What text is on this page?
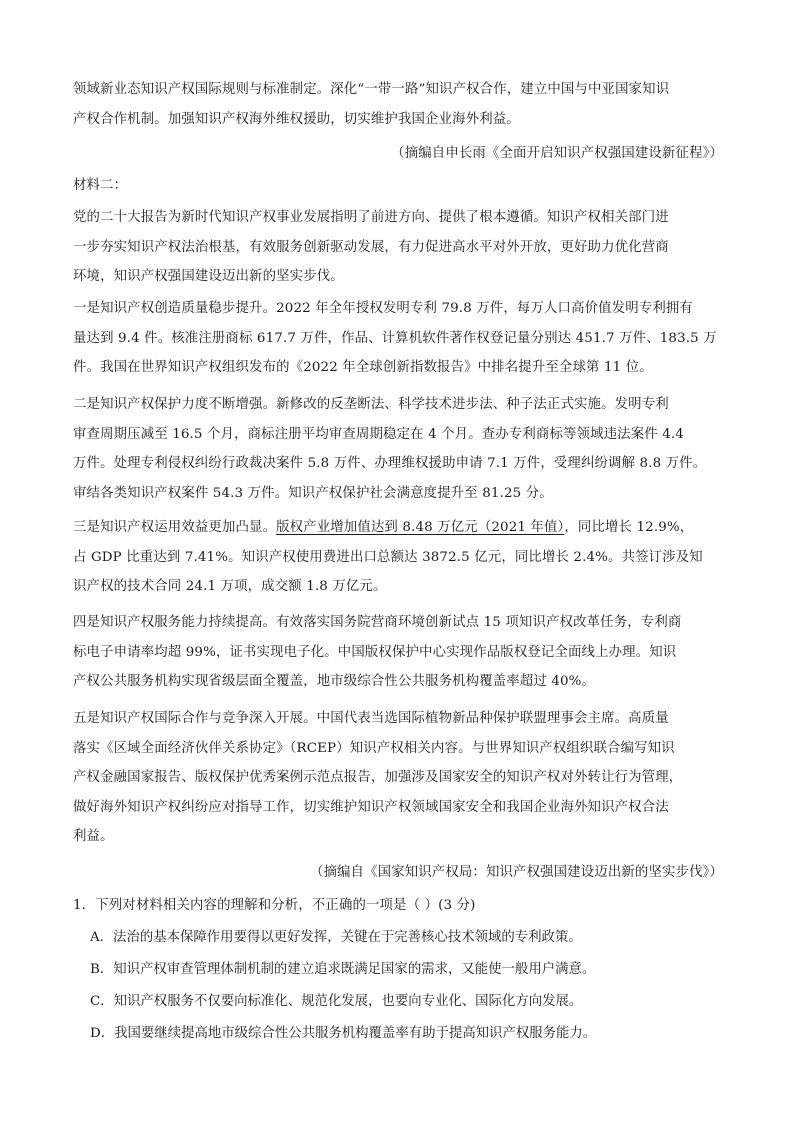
领域新业态知识产权国际规则与标准制定。深化“一带一路”知识产权合作，建立中国与中亚国家知识
产权合作机制。加强知识产权海外维权援助，切实维护我国企业海外利益。
（摘编自申长雨《全面开启知识产权强国建设新征程》）
材料二：
党的二十大报告为新时代知识产权事业发展指明了前进方向、提供了根本遵循。知识产权相关部门进
一步夯实知识产权法治根基，有效服务创新驱动发展，有力促进高水平对外开放，更好助力优化营商
环境，知识产权强国建设迈出新的坚实步伐。
一是知识产权创造质量稳步提升。2022 年全年授权发明专利 79.8 万件，每万人口高价值发明专利拥有
量达到 9.4 件。核准注册商标 617.7 万件，作品、计算机软件著作权登记量分别达 451.7 万件、183.5 万
件。我国在世界知识产权组织发布的《2022 年全球创新指数报告》中排名提升至全球第 11 位。
二是知识产权保护力度不断增强。新修改的反垄断法、科学技术进步法、种子法正式实施。发明专利
审查周期压减至 16.5 个月，商标注册平均审查周期稳定在 4 个月。查办专利商标等领域违法案件 4.4
万件。处理专利侵权纠纷行政裁决案件 5.8 万件、办理维权援助申请 7.1 万件，受理纠纷调解 8.8 万件。
审结各类知识产权案件 54.3 万件。知识产权保护社会满意度提升至 81.25 分。
三是知识产权运用效益更加凸显。版权产业增加值达到 8.48 万亿元（2021 年值），同比增长 12.9%，
占 GDP 比重达到 7.41%。知识产权使用费进出口总额达 3872.5 亿元，同比增长 2.4%。共签订涉及知
识产权的技术合同 24.1 万项，成交额 1.8 万亿元。
四是知识产权服务能力持续提高。有效落实国务院营商环境创新试点 15 项知识产权改革任务，专利商
标电子申请率均超 99%，证书实现电子化。中国版权保护中心实现作品版权登记全面线上办理。知识
产权公共服务机构实现省级层面全覆盖，地市级综合性公共服务机构覆盖率超过 40%。
五是知识产权国际合作与竞争深入开展。中国代表当选国际植物新品种保护联盟理事会主席。高质量
落实《区域全面经济伙伴关系协定》（RCEP）知识产权相关内容。与世界知识产权组织联合编写知识
产权金融国家报告、版权保护优秀案例示范点报告，加强涉及国家安全的知识产权对外转让行为管理，
做好海外知识产权纠纷应对指导工作，切实维护知识产权领域国家安全和我国企业海外知识产权合法
利益。
（摘编自《国家知识产权局：知识产权强国建设迈出新的坚实步伐》）
1．下列对材料相关内容的理解和分析，不正确的一项是（ ）(3 分)
A．法治的基本保障作用要得以更好发挥，关键在于完善核心技术领域的专利政策。
B．知识产权审查管理体制机制的建立追求既满足国家的需求，又能使一般用户满意。
C．知识产权服务不仅要向标准化、规范化发展，也要向专业化、国际化方向发展。
D．我国要继续提高地市级综合性公共服务机构覆盖率有助于提高知识产权服务能力。
